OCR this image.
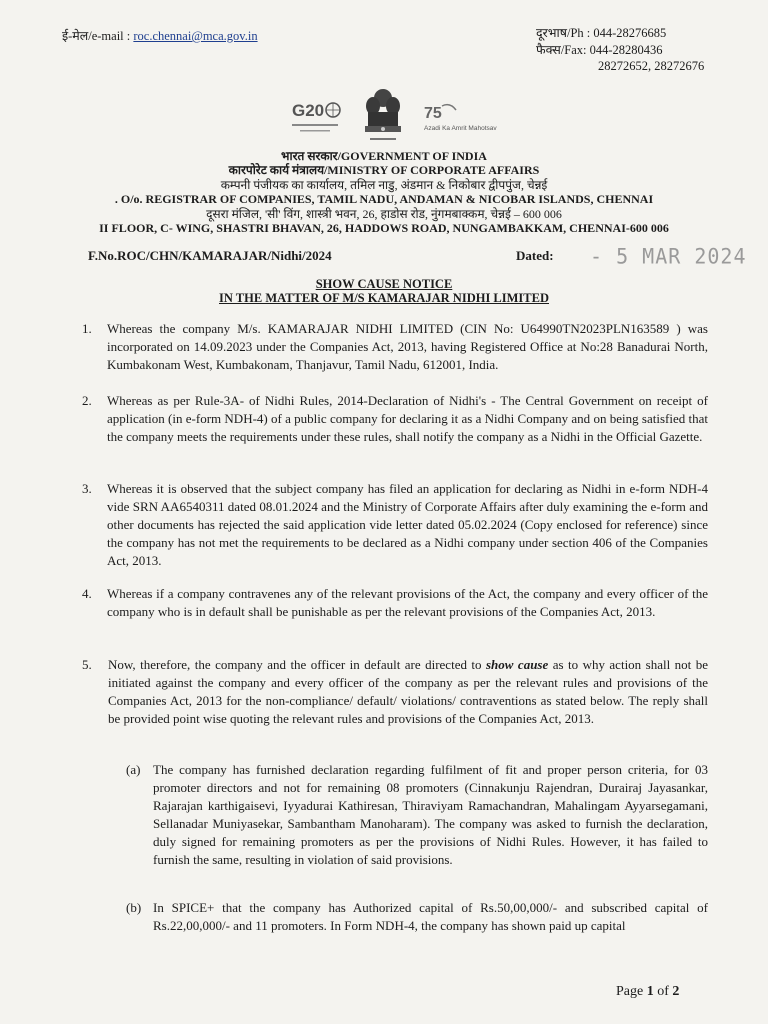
ई-मेल/e-mail : roc.chennai@mca.gov.in	दूरभाष/Ph : 044-28276685
फैक्स/Fax: 044-28280436
28272652, 28272676
G20	75
Azadi Ka Amrit Mahotsav
भारत सरकार/GOVERNMENT OF INDIA
कारपोरेट कार्य मंत्रालय/MINISTRY OF CORPORATE AFFAIRS
कम्पनी पंजीयक का कार्यालय, तमिल नाडु, अंडमान & निकोबार द्वीपपुंज, चेन्नई
. O/o. REGISTRAR OF COMPANIES, TAMIL NADU, ANDAMAN & NICOBAR ISLANDS, CHENNAI
दूसरा मंजिल, 'सी' विंग, शास्त्री भवन, 26, हाडोस रोड, नुंगमबाक्कम, चेन्नई – 600 006
II FLOOR, C- WING, SHASTRI BHAVAN, 26, HADDOWS ROAD, NUNGAMBAKKAM, CHENNAI-600 006
F.No.ROC/CHN/KAMARAJAR/Nidhi/2024	Dated: - 5 MAR 2024
SHOW CAUSE NOTICE
IN THE MATTER OF M/S KAMARAJAR NIDHI LIMITED
1. Whereas the company M/s. KAMARAJAR NIDHI LIMITED (CIN No: U64990TN2023PLN163589 ) was incorporated on 14.09.2023 under the Companies Act, 2013, having Registered Office at No:28 Banadurai North, Kumbakonam West, Kumbakonam, Thanjavur, Tamil Nadu, 612001, India.
2. Whereas as per Rule-3A- of Nidhi Rules, 2014-Declaration of Nidhi's - The Central Government on receipt of application (in e-form NDH-4) of a public company for declaring it as a Nidhi Company and on being satisfied that the company meets the requirements under these rules, shall notify the company as a Nidhi in the Official Gazette.
3. Whereas it is observed that the subject company has filed an application for declaring as Nidhi in e-form NDH-4 vide SRN AA6540311 dated 08.01.2024 and the Ministry of Corporate Affairs after duly examining the e-form and other documents has rejected the said application vide letter dated 05.02.2024 (Copy enclosed for reference) since the company has not met the requirements to be declared as a Nidhi company under section 406 of the Companies Act, 2013.
4. Whereas if a company contravenes any of the relevant provisions of the Act, the company and every officer of the company who is in default shall be punishable as per the relevant provisions of the Companies Act, 2013.
5. Now, therefore, the company and the officer in default are directed to show cause as to why action shall not be initiated against the company and every officer of the company as per the relevant rules and provisions of the Companies Act, 2013 for the non-compliance/ default/ violations/ contraventions as stated below. The reply shall be provided point wise quoting the relevant rules and provisions of the Companies Act, 2013.
(a) The company has furnished declaration regarding fulfilment of fit and proper person criteria, for 03 promoter directors and not for remaining 08 promoters (Cinnakunju Rajendran, Durairaj Jayasankar, Rajarajan karthigaisevi, Iyyadurai Kathiresan, Thiraviyam Ramachandran, Mahalingam Ayyarsegamani, Sellanadar Muniyasekar, Sambantham Manoharam). The company was asked to furnish the declaration, duly signed for remaining promoters as per the provisions of Nidhi Rules. However, it has failed to furnish the same, resulting in violation of said provisions.
(b) In SPICE+ that the company has Authorized capital of Rs.50,00,000/- and subscribed capital of Rs.22,00,000/- and 11 promoters. In Form NDH-4, the company has shown paid up capital
Page 1 of 2
